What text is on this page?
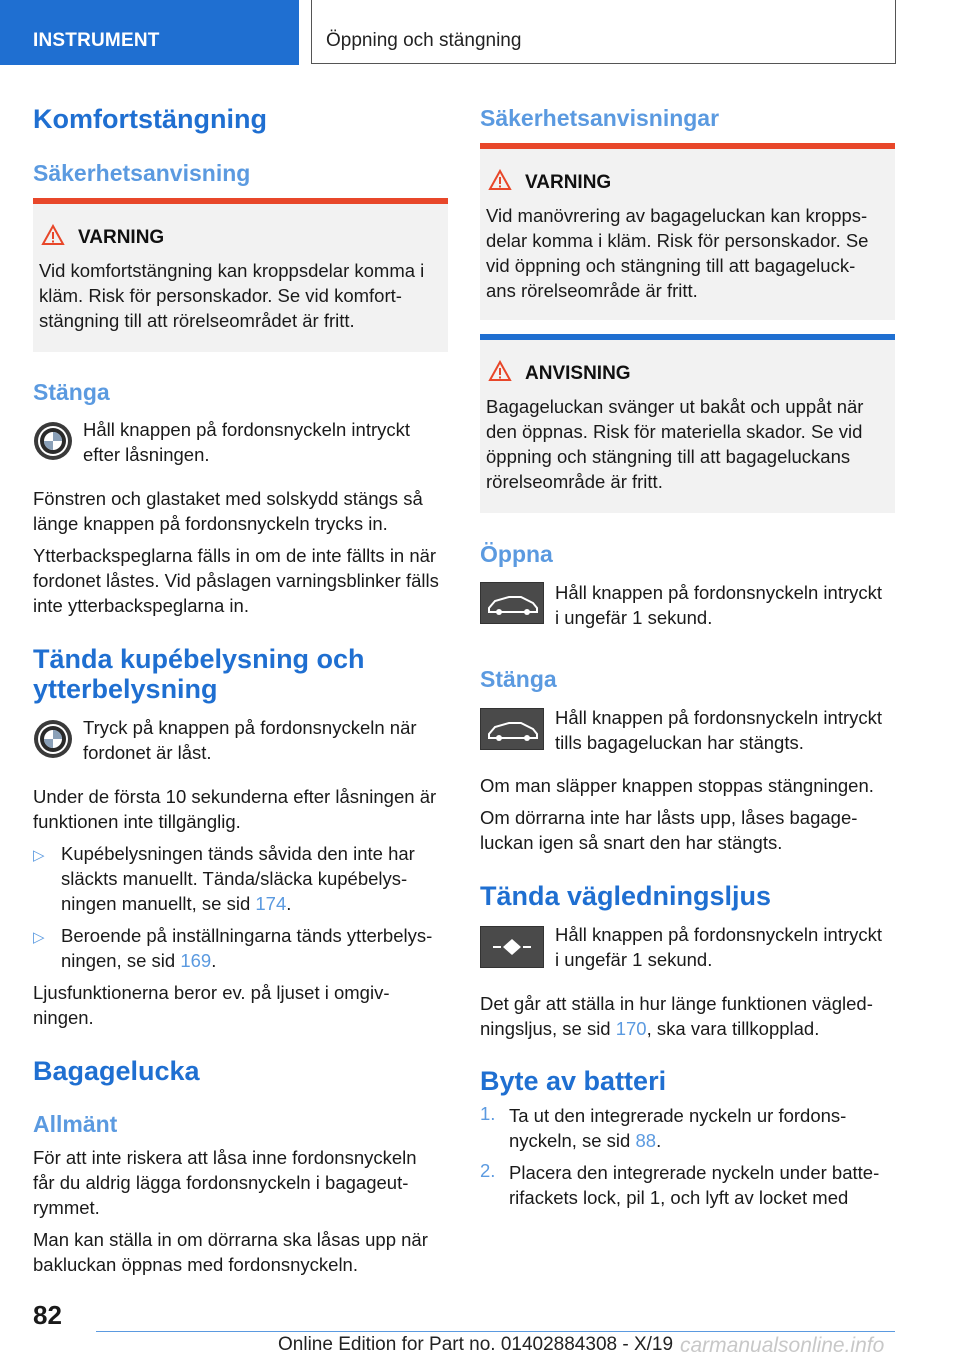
INSTRUMENT	Öppning och stängning
Komfortstängning
Säkerhetsanvisning
VARNING

Vid komfortstängning kan kroppsdelar komma i

kläm. Risk för personskador. Se vid komfort-

stängning till att rörelseområdet är fritt.

Stänga

Håll knappen på fordonsnyckeln intryckt

efter låsningen.

Fönstren och glastaket med solskydd stängs så

länge knappen på fordonsnyckeln trycks in.

Ytterbackspeglarna fälls in om de inte fällts in när

fordonet låstes. Vid påslagen varningsblinker fälls

inte ytterbackspeglarna in.

Tända kupébelysning och
ytterbelysning

Tryck på knappen på fordonsnyckeln när

fordonet är låst.

Under de första 10 sekunderna efter låsningen är

funktionen inte tillgänglig.

▷ Kupébelysningen tänds såvida den inte har

släckts manuellt. Tända/släcka kupébelys-

ningen manuellt, se sid 174.

▷ Beroende på inställningarna tänds ytterbelys-

ningen, se sid 169.

Ljusfunktionerna beror ev. på ljuset i omgiv-

ningen.

Bagagelucka
Allmänt

För att inte riskera att låsa inne fordonsnyckeln

får du aldrig lägga fordonsnyckeln i bagageut-

rymmet.

Man kan ställa in om dörrarna ska låsas upp när

bakluckan öppnas med fordonsnyckeln.

Säkerhetsanvisningar
VARNING

Vid manövrering av bagageluckan kan kropps-

delar komma i kläm. Risk för personskador. Se

vid öppning och stängning till att bagageluck-

ans rörelseområde är fritt.

ANVISNING

Bagageluckan svänger ut bakåt och uppåt när

den öppnas. Risk för materiella skador. Se vid

öppning och stängning till att bagageluckans

rörelseområde är fritt.

Öppna

Håll knappen på fordonsnyckeln intryckt

i ungefär 1 sekund.

Stänga

Håll knappen på fordonsnyckeln intryckt

tills bagageluckan har stängts.

Om man släpper knappen stoppas stängningen.

Om dörrarna inte har låsts upp, låses bagage-

luckan igen så snart den har stängts.

Tända vägledningsljus

Håll knappen på fordonsnyckeln intryckt

i ungefär 1 sekund.

Det går att ställa in hur länge funktionen vägled-

ningsljus, se sid 170, ska vara tillkopplad.

Byte av batteri
1. Ta ut den integrerade nyckeln ur fordons-

nyckeln, se sid 88.

2. Placera den integrerade nyckeln under batte-

rifackets lock, pil 1, och lyft av locket med

82
Online Edition for Part no. 01402884308 - X/19 carmanualsonline.info
